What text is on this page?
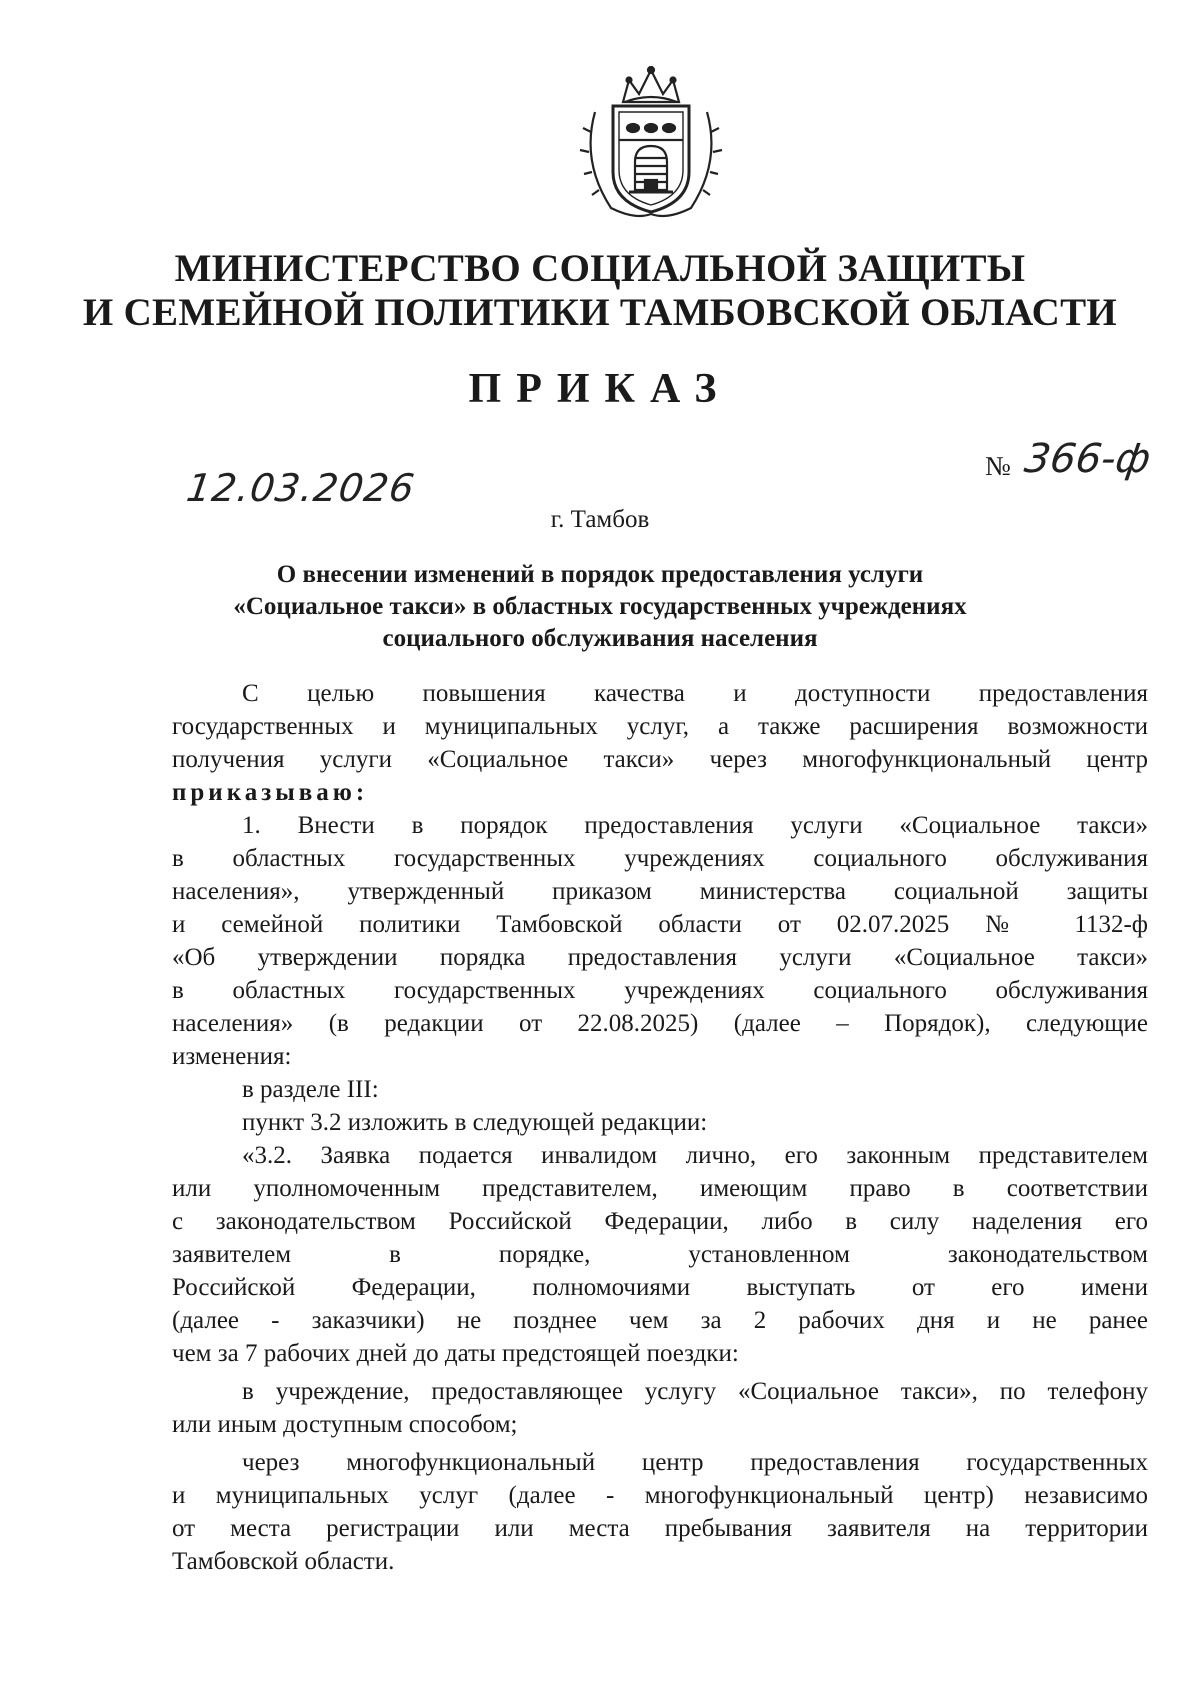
МИНИСТЕРСТВО СОЦИАЛЬНОЙ ЗАЩИТЫ
И СЕМЕЙНОЙ ПОЛИТИКИ ТАМБОВСКОЙ ОБЛАСТИ
ПРИКАЗ
12.03.2026	№ 366-ф
г. Тамбов
О внесении изменений в порядок предоставления услуги
«Социальное такси» в областных государственных учреждениях
социального обслуживания населения
С целью повышения качества и доступности предоставления
государственных и муниципальных услуг, а также расширения возможности
получения услуги «Социальное такси» через многофункциональный центр
приказываю:
1. Внести в порядок предоставления услуги «Социальное такси»
в областных государственных учреждениях социального обслуживания
населения», утвержденный приказом министерства социальной защиты
и семейной политики Тамбовской области от 02.07.2025 № 1132-ф
«Об утверждении порядка предоставления услуги «Социальное такси»
в областных государственных учреждениях социального обслуживания
населения» (в редакции от 22.08.2025) (далее – Порядок), следующие
изменения:
в разделе III:
пункт 3.2 изложить в следующей редакции:
«3.2. Заявка подается инвалидом лично, его законным представителем
или уполномоченным представителем, имеющим право в соответствии
с законодательством Российской Федерации, либо в силу наделения его
заявителем в порядке, установленном законодательством
Российской Федерации, полномочиями выступать от его имени
(далее - заказчики) не позднее чем за 2 рабочих дня и не ранее
чем за 7 рабочих дней до даты предстоящей поездки:
в учреждение, предоставляющее услугу «Социальное такси», по телефону
или иным доступным способом;
через многофункциональный центр предоставления государственных
и муниципальных услуг (далее - многофункциональный центр) независимо
от места регистрации или места пребывания заявителя на территории
Тамбовской области.
